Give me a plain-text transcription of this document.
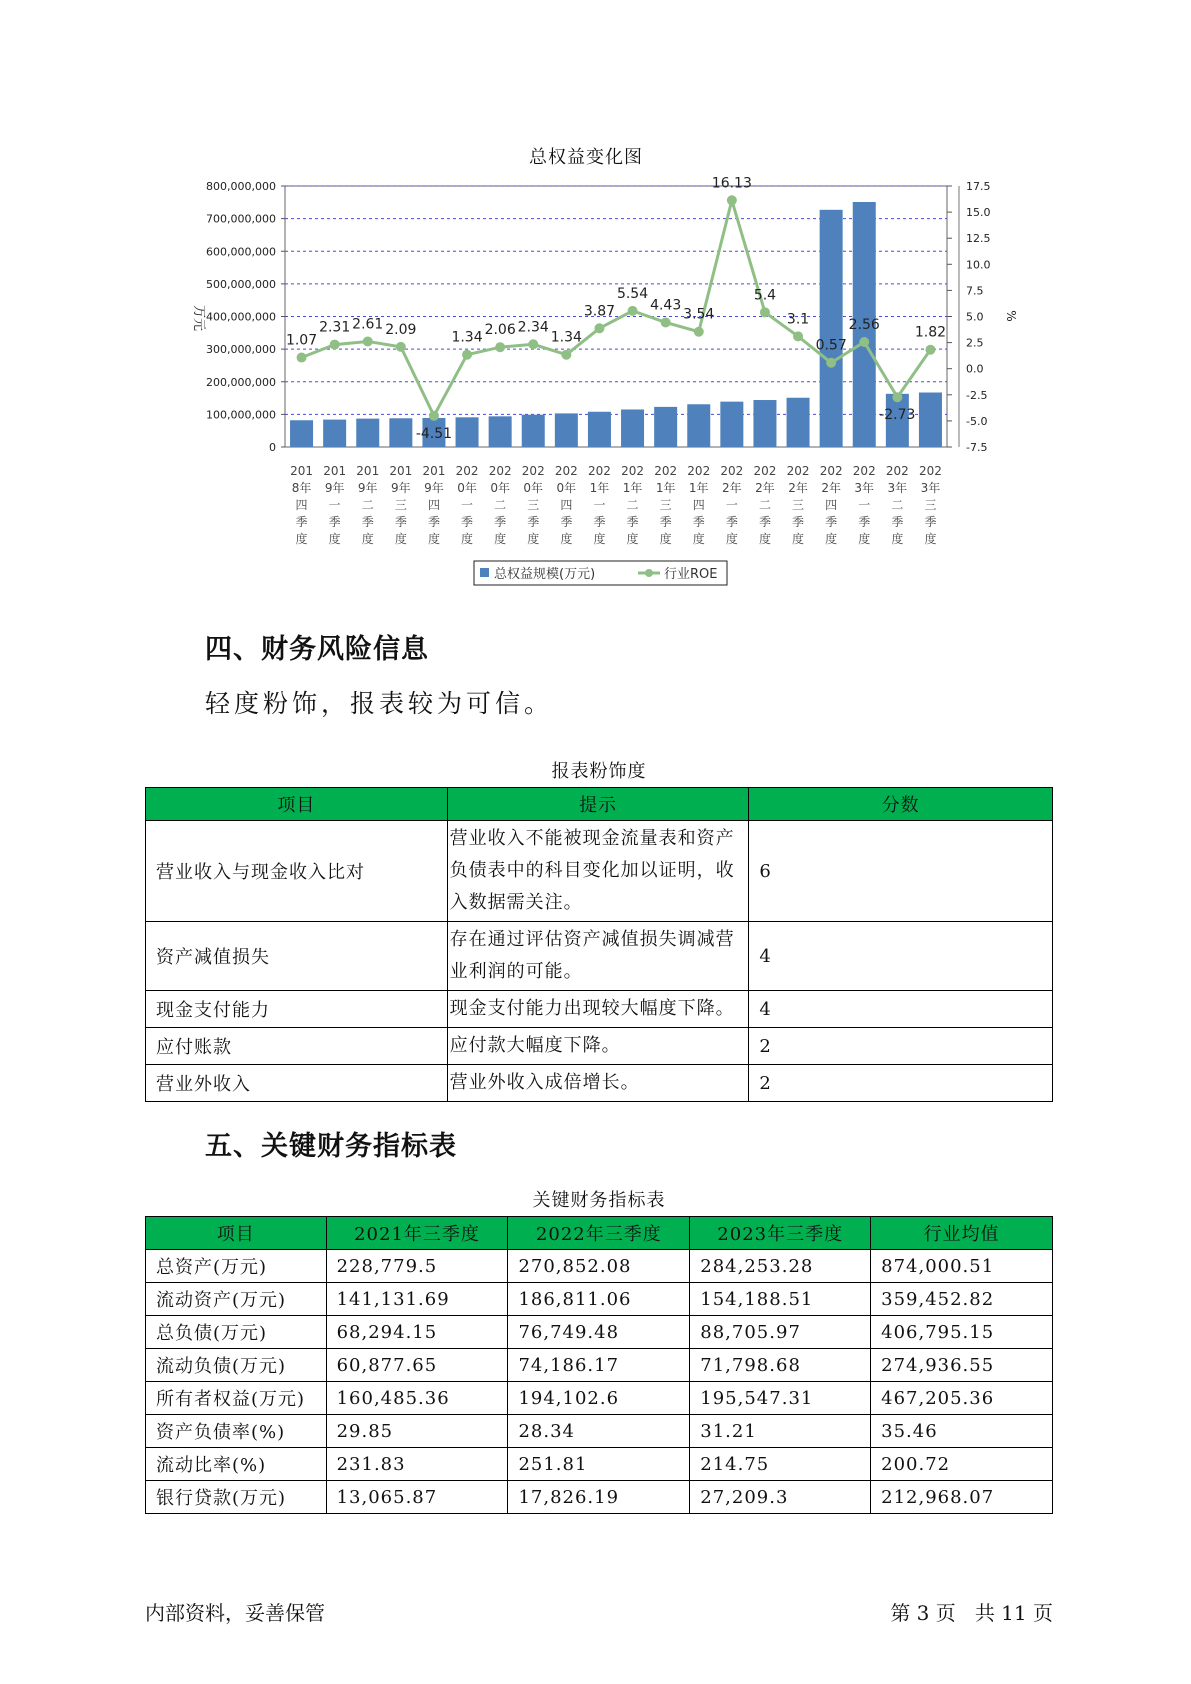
总权益变化图
0
100,000,000
200,000,000
300,000,000
400,000,000
500,000,000
600,000,000
700,000,000
800,000,000
-7.5
-5.0
-2.5
0.0
2.5
5.0
7.5
10.0
12.5
15.0
17.5
万元	%
1.07
2.31 2.61 2.09
-4.51
1.34 2.06 2.34
1.34
3.87
5.54
4.43
3.54
16.13
5.4
3.1
0.57
2.56
-2.73
1.82
201
8年
四
季
度
201
9年
一
季
度
201
9年
二
季
度
201
9年
三
季
度
201
9年
四
季
度
202
0年
一
季
度
202
0年
二
季
度
202
0年
三
季
度
202
0年
四
季
度
202
1年
一
季
度
202
1年
二
季
度
202
1年
三
季
度
202
1年
四
季
度
202
2年
一
季
度
202
2年
二
季
度
202
2年
三
季
度
202
2年
四
季
度
202
3年
一
季
度
202
3年
二
季
度
202
3年
三
季
度
总权益规模(万元)	行业ROE
四、财务风险信息
轻度粉饰，报表较为可信。
报表粉饰度
项目	提示	分数
营业收入与现金收入比对	营业收入不能被现金流量表和资产负债表中的科目变化加以证明，收入数据需关注。	6
资产减值损失	存在通过评估资产减值损失调减营业利润的可能。	4
现金支付能力	现金支付能力出现较大幅度下降。	4
应付账款	应付款大幅度下降。	2
营业外收入	营业外收入成倍增长。	2
五、关键财务指标表
关键财务指标表
项目	2021年三季度	2022年三季度	2023年三季度	行业均值
总资产(万元)	228,779.5	270,852.08	284,253.28	874,000.51
流动资产(万元)	141,131.69	186,811.06	154,188.51	359,452.82
总负债(万元)	68,294.15	76,749.48	88,705.97	406,795.15
流动负债(万元)	60,877.65	74,186.17	71,798.68	274,936.55
所有者权益(万元)	160,485.36	194,102.6	195,547.31	467,205.36
资产负债率(%)	29.85	28.34	31.21	35.46
流动比率(%)	231.83	251.81	214.75	200.72
银行贷款(万元)	13,065.87	17,826.19	27,209.3	212,968.07
内部资料，妥善保管	第 3 页   共 11 页
